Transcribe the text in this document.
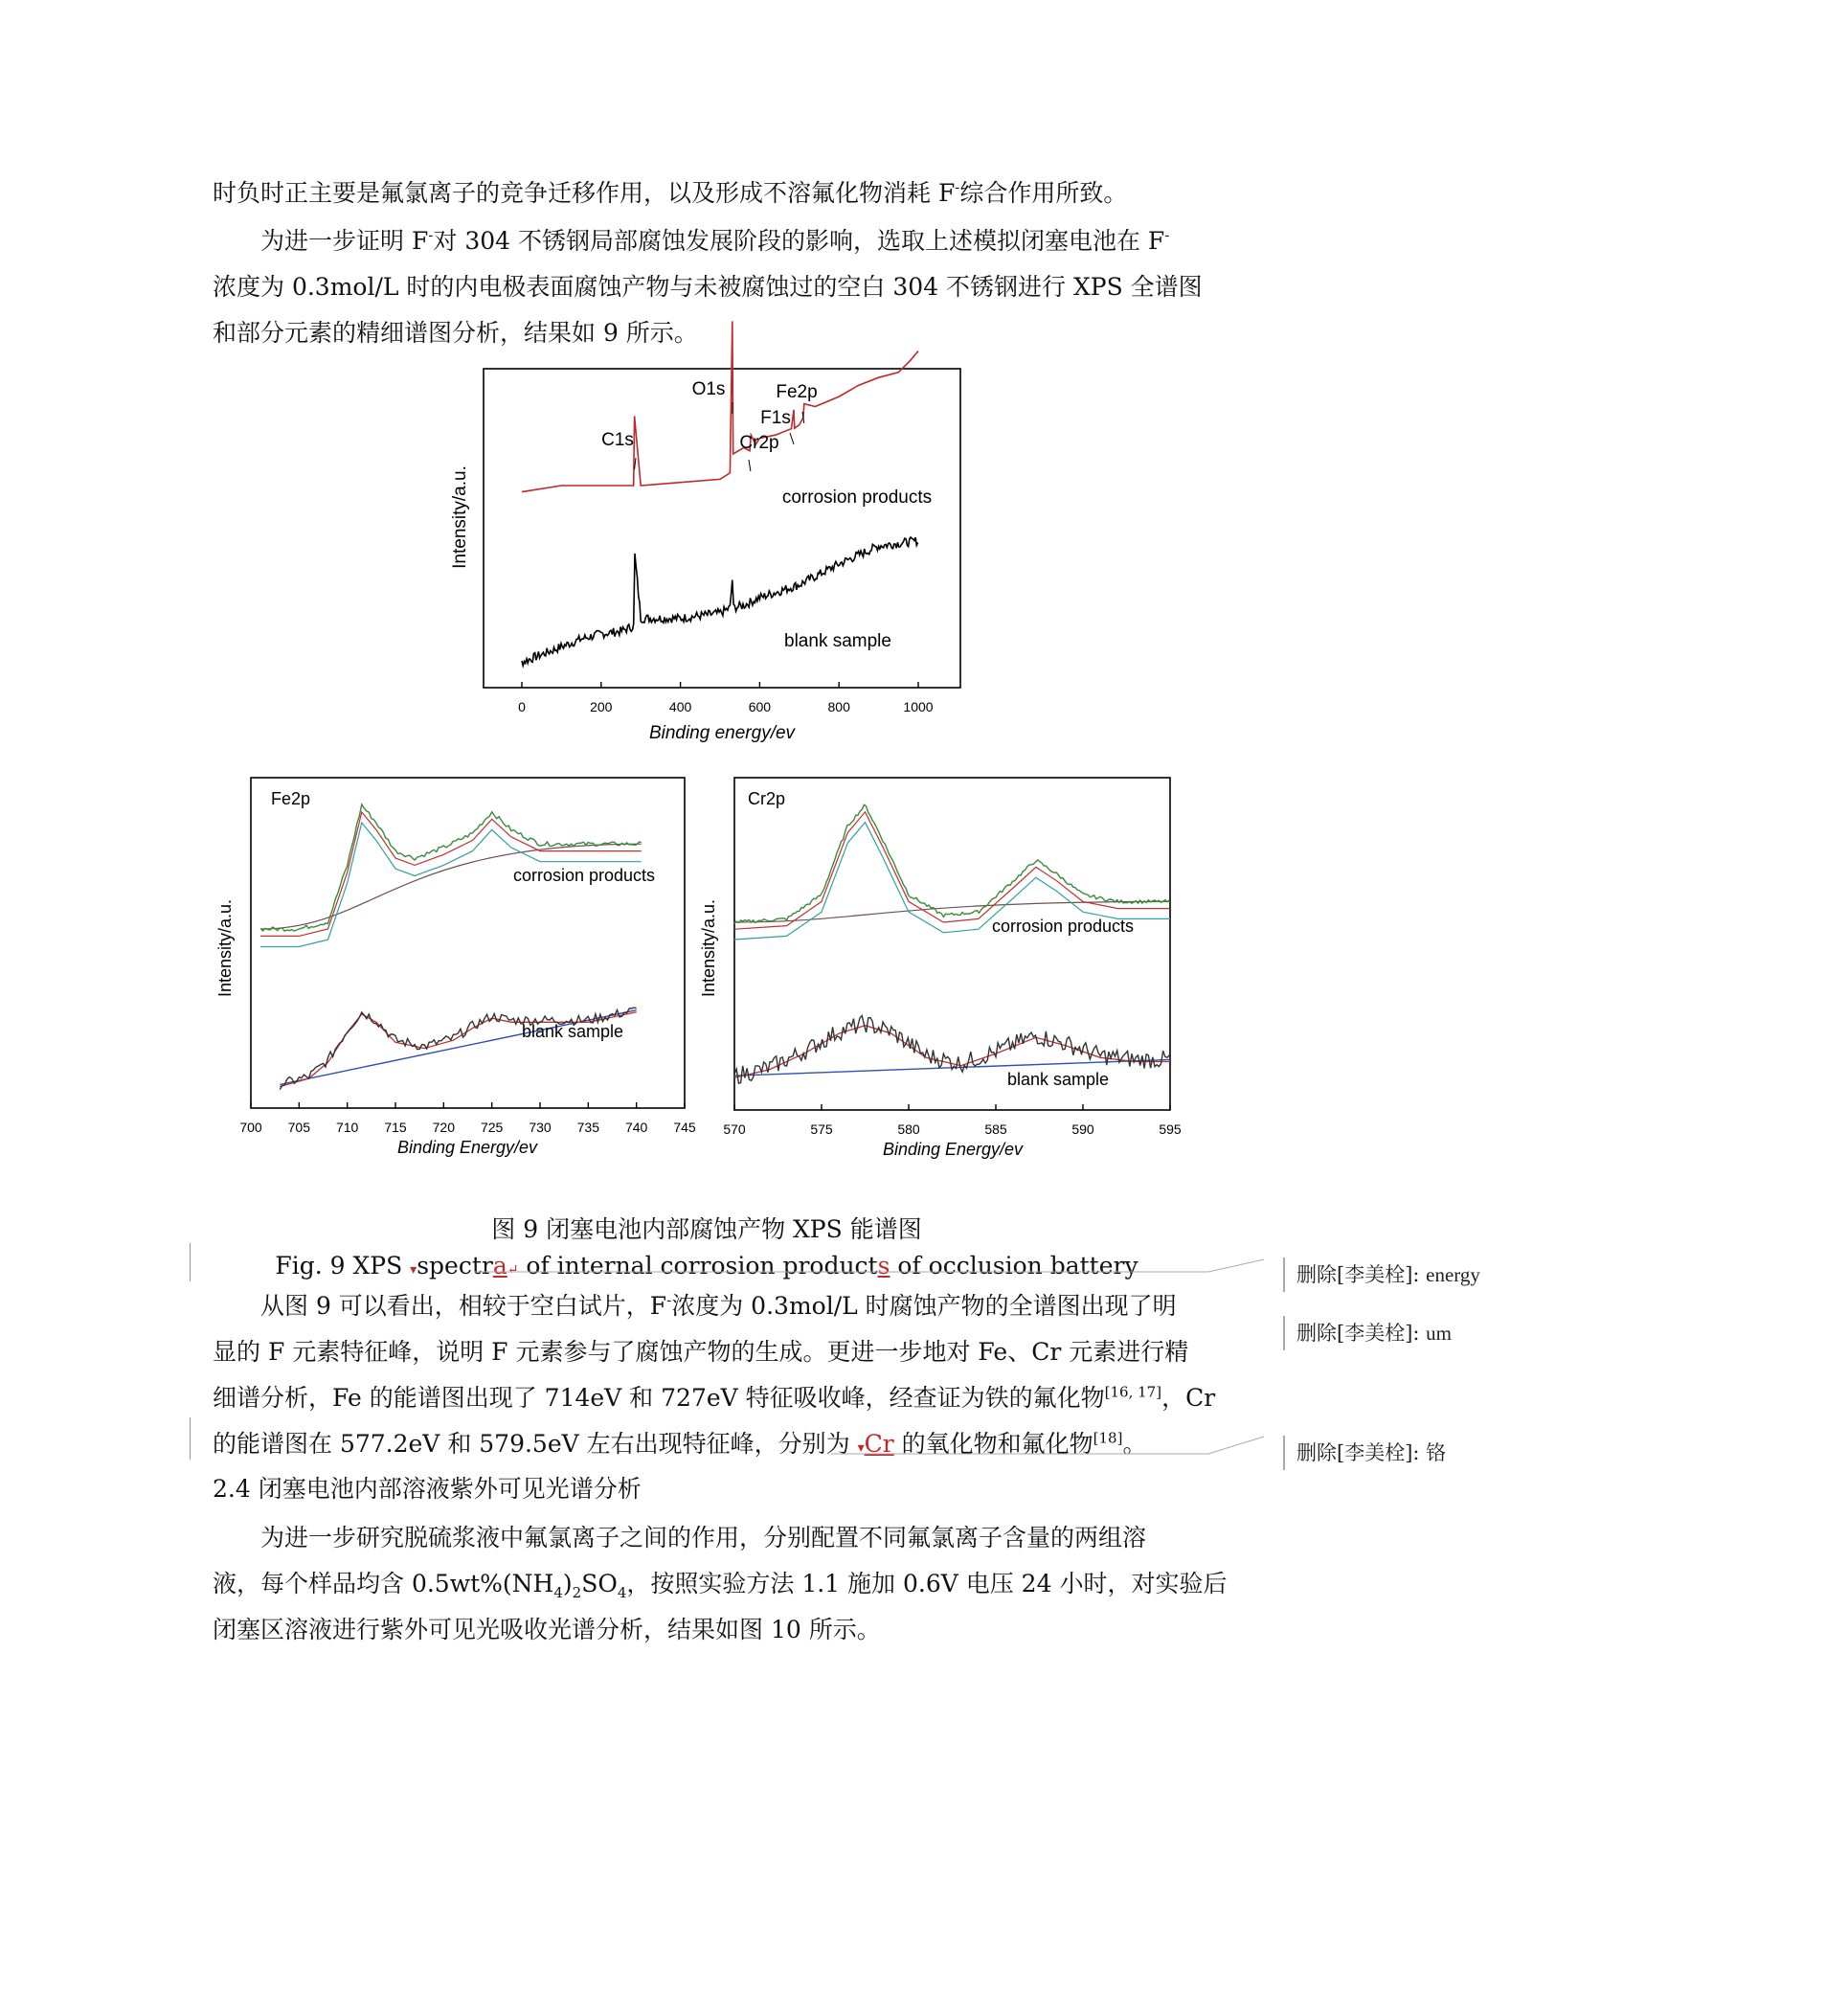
时负时正主要是氟氯离子的竞争迁移作用，以及形成不溶氟化物消耗 F-综合作用所致。

为进一步证明 F-对 304 不锈钢局部腐蚀发展阶段的影响，选取上述模拟闭塞电池在 F-
浓度为 0.3mol/L 时的内电极表面腐蚀产物与未被腐蚀过的空白 304 不锈钢进行 XPS 全谱图
和部分元素的精细谱图分析，结果如 9 所示。

0	200	400	600	800	1000
C1s
O1s
Cr2p
F1s
Fe2p
corrosion products
blank sample
Binding energy/ev
Intensity/a.u.
Fe2p
700 705 710 715 720 725 730 735 740 745
corrosion products
blank sample
Binding Energy/ev
Intensity/a.u.
Cr2p
570	575	580	585	590	595
corrosion products
blank sample
Binding Energy/ev
Intensity/a.u.

图 9 闭塞电池内部腐蚀产物 XPS 能谱图

Fig. 9 XPS ▾spectra↵ of internal corrosion products of occlusion battery

从图 9 可以看出，相较于空白试片，F-浓度为 0.3mol/L 时腐蚀产物的全谱图出现了明
显的 F 元素特征峰，说明 F 元素参与了腐蚀产物的生成。更进一步地对 Fe、Cr 元素进行精
细谱分析，Fe 的能谱图出现了 714eV 和 727eV 特征吸收峰，经查证为铁的氟化物[16, 17]，Cr
的能谱图在 577.2eV 和 579.5eV 左右出现特征峰，分别为 ▾Cr 的氧化物和氟化物[18]。

2.4 闭塞电池内部溶液紫外可见光谱分析

为进一步研究脱硫浆液中氟氯离子之间的作用，分别配置不同氟氯离子含量的两组溶
液，每个样品均含 $0.5wt\%(NH_4)_2SO_4$，按照实验方法 1.1 施加 0.6V 电压 24 小时，对实验后
闭塞区溶液进行紫外可见光吸收光谱分析，结果如图 10 所示。

删除[李美栓]: energy
删除[李美栓]: um
删除[李美栓]: 铬
